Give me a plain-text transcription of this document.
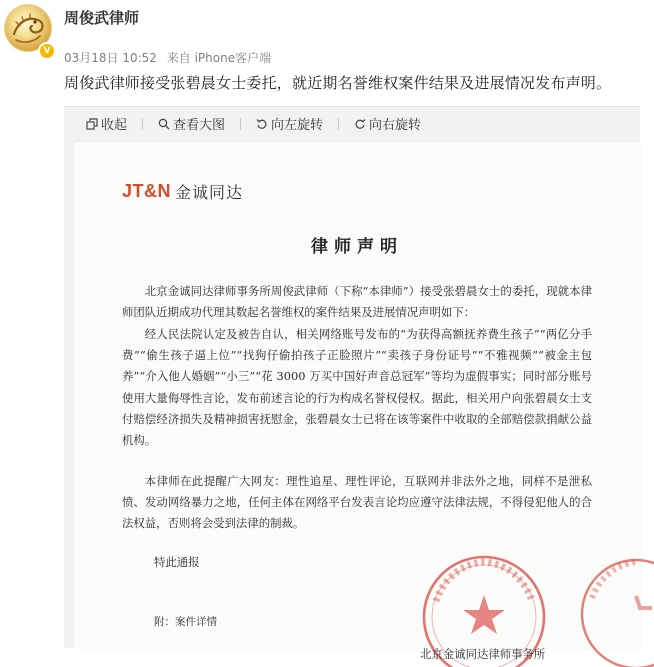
V
周俊武律师
03月18日 10:52 来自 iPhone客户端
周俊武律师接受张碧晨女士委托，就近期名誉维权案件结果及进展情况发布声明。
收起	查看大图	向左旋转	向右旋转
JT&N 金诚同达
律师声明
北京金诚同达律师事务所周俊武律师（下称“本律师”）接受张碧晨女士的委托，现就本律师团队近期成功代理其数起名誉维权的案件结果及进展情况声明如下：
经人民法院认定及被告自认，相关网络账号发布的“为获得高额抚养费生孩子”“两亿分手费”“偷生孩子逼上位”“找狗仔偷拍孩子正脸照片”“卖孩子身份证号”“不雅视频”“被金主包养”“介入他人婚姻”“小三”“花 3000 万买中国好声音总冠军”等均为虚假事实；同时部分账号使用大量侮辱性言论，发布前述言论的行为构成名誉权侵权。据此，相关用户向张碧晨女士支付赔偿经济损失及精神损害抚慰金，张碧晨女士已将在该等案件中收取的全部赔偿款捐献公益机构。
本律师在此提醒广大网友：理性追星、理性评论，互联网并非法外之地，同样不是泄私愤、发动网络暴力之地，任何主体在网络平台发表言论均应遵守法律法规，不得侵犯他人的合法权益，否则将会受到法律的制裁。
特此通报
附：案件详情
北京金诚同达律师事务所
